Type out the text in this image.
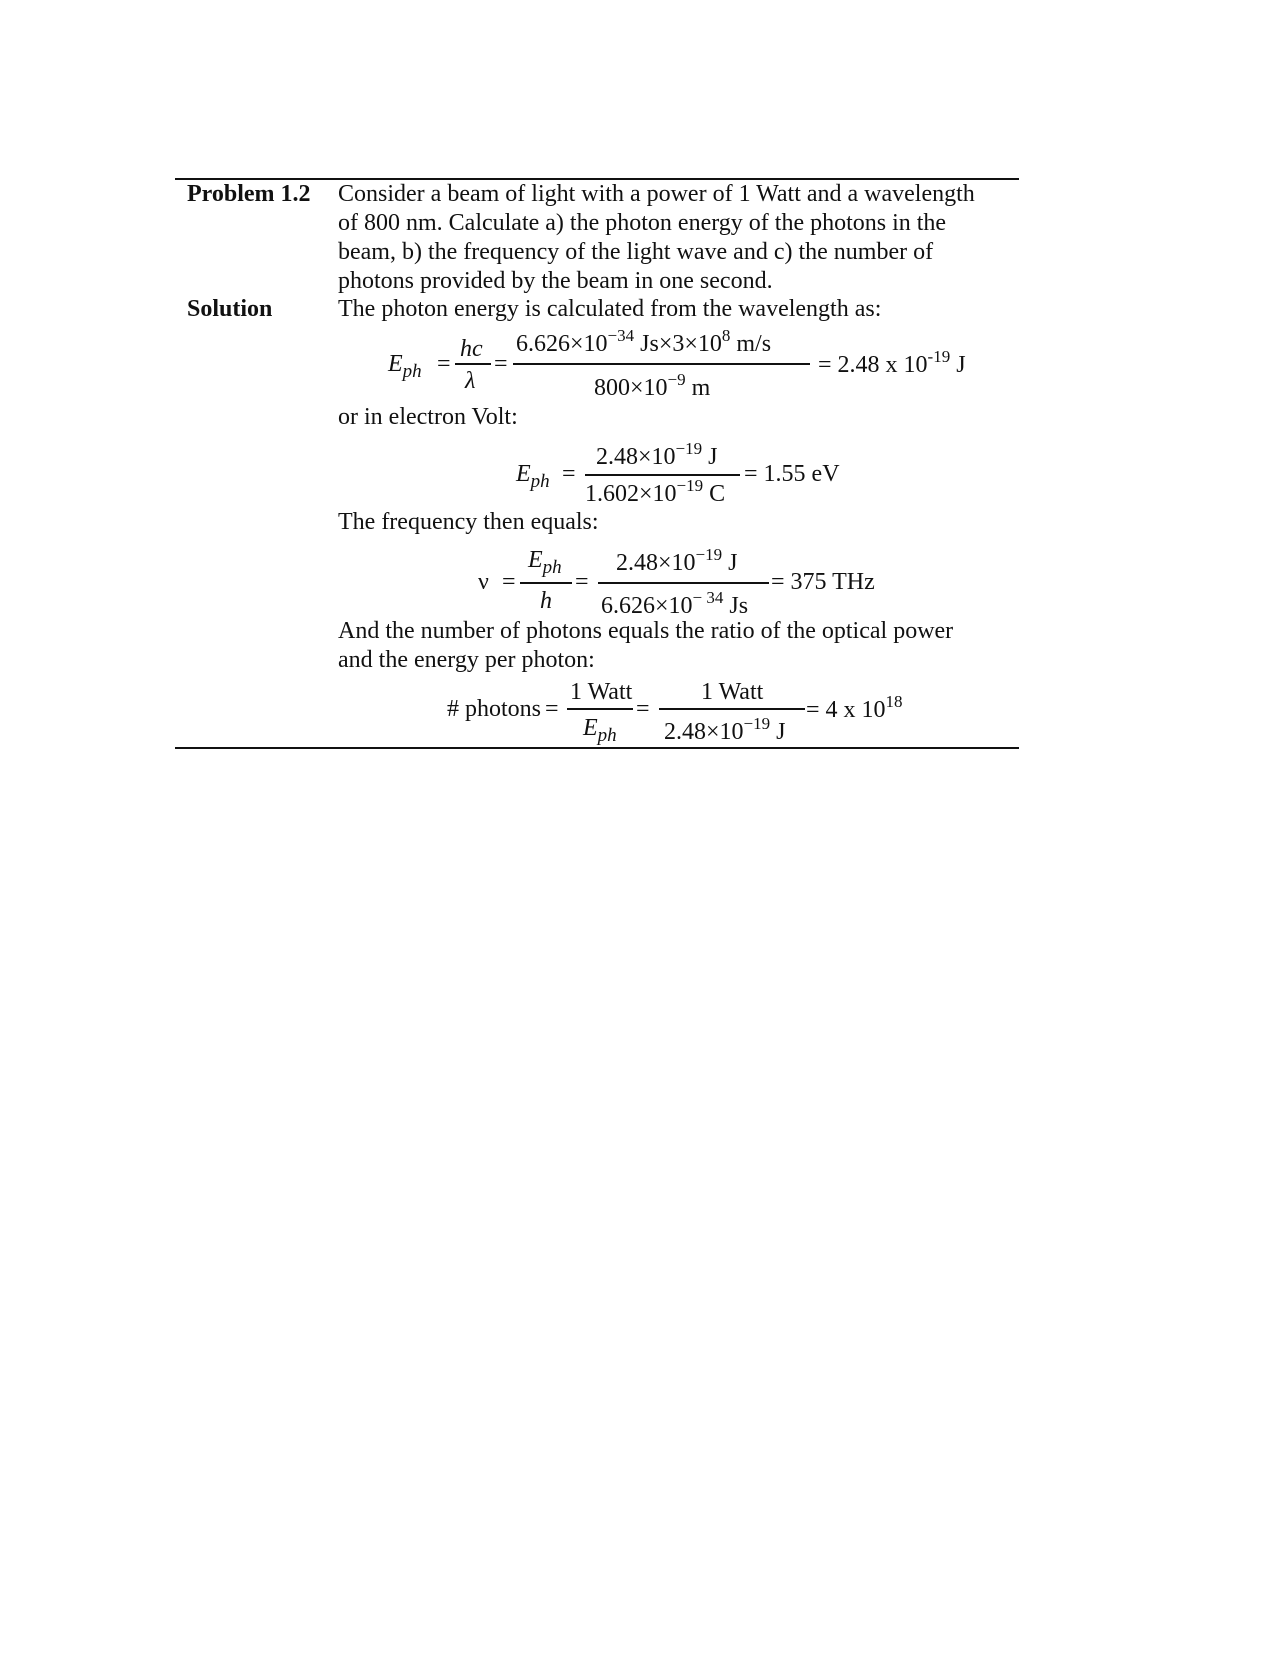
Problem 1.2 Consider a beam of light with a power of 1 Watt and a wavelength
of 800 nm. Calculate a) the photon energy of the photons in the
beam, b) the frequency of the light wave and c) the number of
photons provided by the beam in one second.
Solution	The photon energy is calculated from the wavelength as:
$E_{ph}$ =
hc
λ
=
$6.626\times 10^{-34}$ $Js\times 3\times 10^8$ m/s
$800\times 10^{-9}$ m
= 2.48 x $10^{-19}$ J
or in electron Volt:
$E_{ph}$ =
$2.48\times 10^{-19}$ J
$1.602\times 10^{-19}$ C
= 1.55 eV
The frequency then equals:
ν =
$E_{ph}$
h
=
$2.48\times 10^{-19}$ J
$6.626\times 10^{- 34}$ Js
= 375 THz
And the number of photons equals the ratio of the optical power
and the energy per photon:
# photons =
1 Watt
$E_{ph}$
=
1 Watt
$2.48\times 10^{-19}$ J
= 4 x $10^{18}$
